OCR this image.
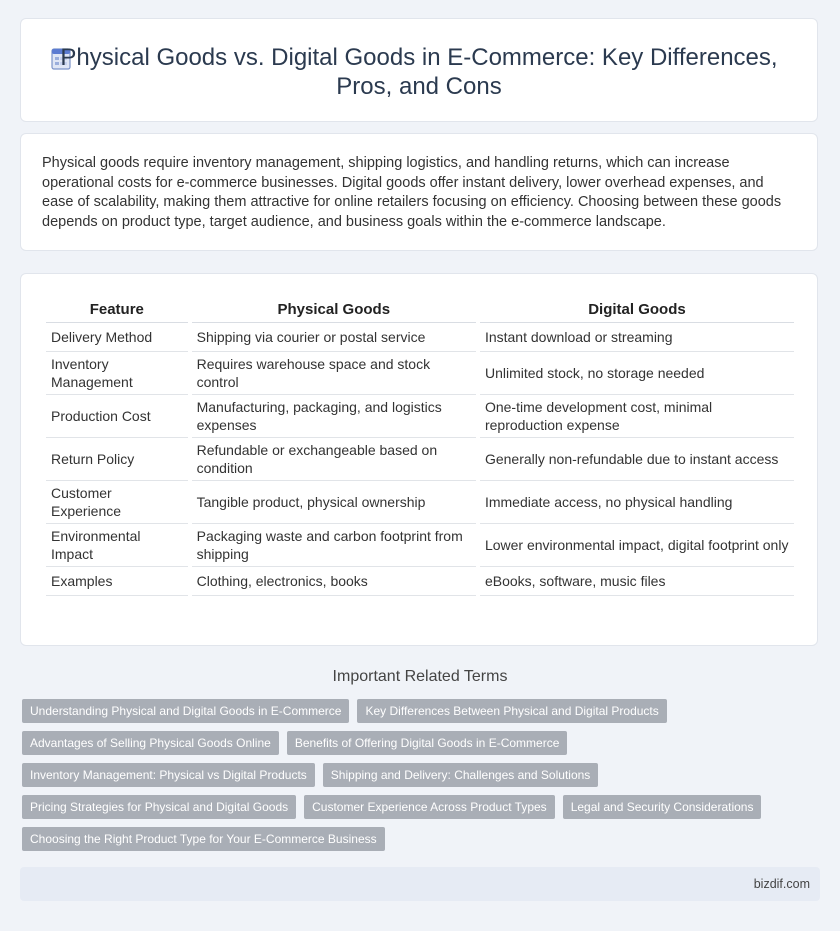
Physical Goods vs. Digital Goods in E-Commerce: Key Differences, Pros, and Cons

Physical goods require inventory management, shipping logistics, and handling returns, which can increase operational costs for e-commerce businesses. Digital goods offer instant delivery, lower overhead expenses, and ease of scalability, making them attractive for online retailers focusing on efficiency. Choosing between these goods depends on product type, target audience, and business goals within the e-commerce landscape.

Feature	Physical Goods	Digital Goods
Delivery Method	Shipping via courier or postal service	Instant download or streaming
Inventory Management	Requires warehouse space and stock control	Unlimited stock, no storage needed
Production Cost	Manufacturing, packaging, and logistics expenses	One-time development cost, minimal reproduction expense
Return Policy	Refundable or exchangeable based on condition	Generally non-refundable due to instant access
Customer Experience	Tangible product, physical ownership	Immediate access, no physical handling
Environmental Impact	Packaging waste and carbon footprint from shipping	Lower environmental impact, digital footprint only
Examples	Clothing, electronics, books	eBooks, software, music files
Important Related Terms
Understanding Physical and Digital Goods in E-Commerce	Key Differences Between Physical and Digital Products
Advantages of Selling Physical Goods Online	Benefits of Offering Digital Goods in E-Commerce
Inventory Management: Physical vs Digital Products	Shipping and Delivery: Challenges and Solutions
Pricing Strategies for Physical and Digital Goods	Customer Experience Across Product Types	Legal and Security Considerations
Choosing the Right Product Type for Your E-Commerce Business
bizdif.com
